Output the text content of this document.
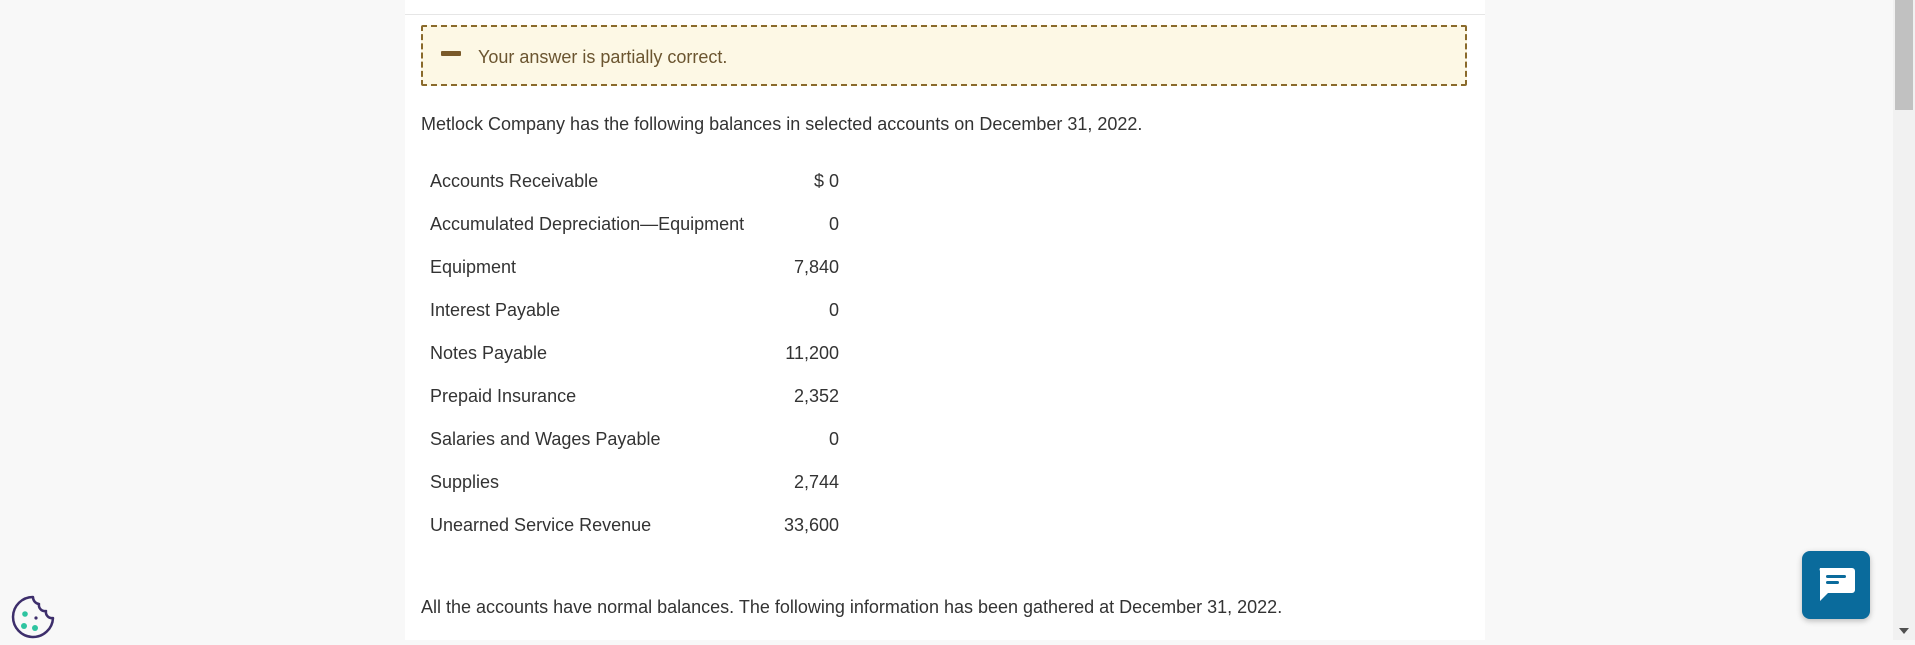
Your answer is partially correct.
Metlock Company has the following balances in selected accounts on December 31, 2022.
Accounts Receivable	$ 0
Accumulated Depreciation—Equipment	0
Equipment	7,840
Interest Payable	0
Notes Payable	11,200
Prepaid Insurance	2,352
Salaries and Wages Payable	0
Supplies	2,744
Unearned Service Revenue	33,600
All the accounts have normal balances. The following information has been gathered at December 31, 2022.
